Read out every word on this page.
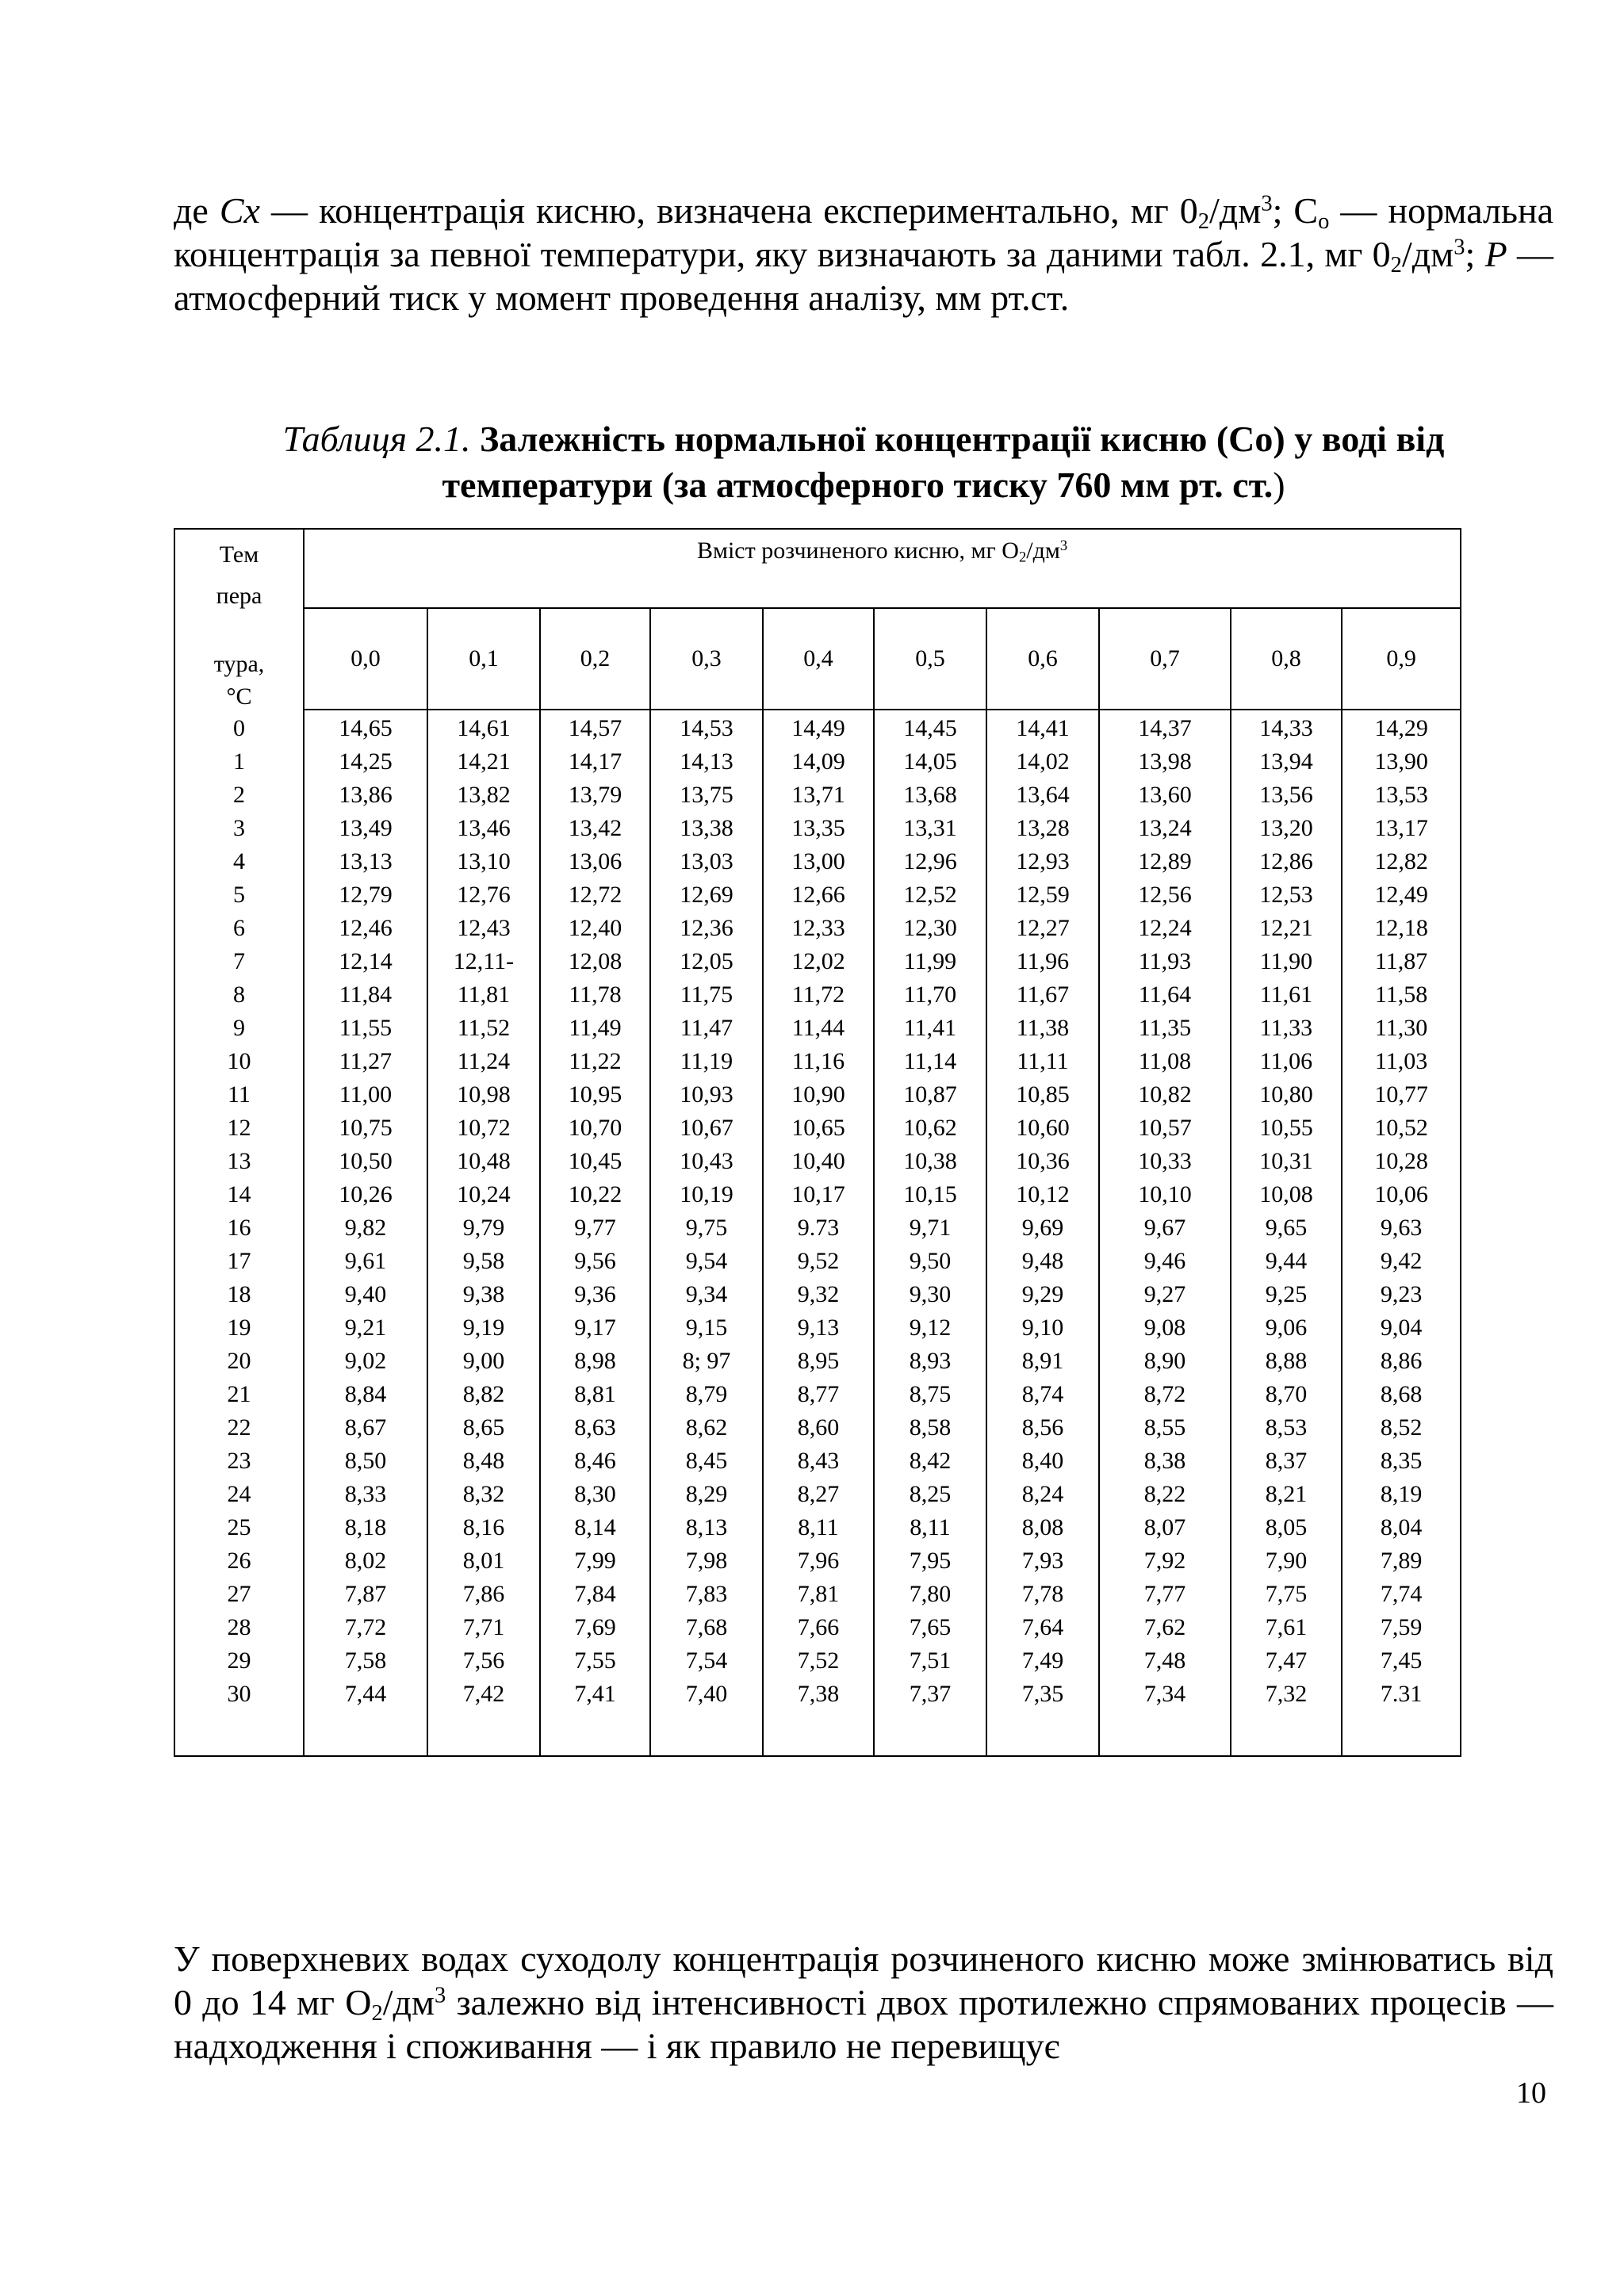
де Сх — концентрація кисню, визначена експериментально, мг $0_2/дм^3$; $С_о$ — нормальна концентрація за певної температури, яку визначають за даними табл. 2.1, мг $0_2/дм^3$; Р — атмосферний тиск у момент проведення аналізу, мм рт.ст.
Таблиця 2.1. Залежність нормальної концентрації кисню (Со) у воді від температури (за атмосферного тиску 760 мм рт. ст.)
Тем
пера
тура,
°С	Вміст розчиненого кисню, мг $О_2/дм^3$
	0,0	0,1	0,2	0,3	0,4	0,5	0,6	0,7	0,8	0,9
0	14,65	14,61	14,57	14,53	14,49	14,45	14,41	14,37	14,33	14,29
1	14,25	14,21	14,17	14,13	14,09	14,05	14,02	13,98	13,94	13,90
2	13,86	13,82	13,79	13,75	13,71	13,68	13,64	13,60	13,56	13,53
3	13,49	13,46	13,42	13,38	13,35	13,31	13,28	13,24	13,20	13,17
4	13,13	13,10	13,06	13,03	13,00	12,96	12,93	12,89	12,86	12,82
5	12,79	12,76	12,72	12,69	12,66	12,52	12,59	12,56	12,53	12,49
6	12,46	12,43	12,40	12,36	12,33	12,30	12,27	12,24	12,21	12,18
7	12,14	12,11-	12,08	12,05	12,02	11,99	11,96	11,93	11,90	11,87
8	11,84	11,81	11,78	11,75	11,72	11,70	11,67	11,64	11,61	11,58
9	11,55	11,52	11,49	11,47	11,44	11,41	11,38	11,35	11,33	11,30
10	11,27	11,24	11,22	11,19	11,16	11,14	11,11	11,08	11,06	11,03
11	11,00	10,98	10,95	10,93	10,90	10,87	10,85	10,82	10,80	10,77
12	10,75	10,72	10,70	10,67	10,65	10,62	10,60	10,57	10,55	10,52
13	10,50	10,48	10,45	10,43	10,40	10,38	10,36	10,33	10,31	10,28
14	10,26	10,24	10,22	10,19	10,17	10,15	10,12	10,10	10,08	10,06
16	9,82	9,79	9,77	9,75	9.73	9,71	9,69	9,67	9,65	9,63
17	9,61	9,58	9,56	9,54	9,52	9,50	9,48	9,46	9,44	9,42
18	9,40	9,38	9,36	9,34	9,32	9,30	9,29	9,27	9,25	9,23
19	9,21	9,19	9,17	9,15	9,13	9,12	9,10	9,08	9,06	9,04
20	9,02	9,00	8,98	8; 97	8,95	8,93	8,91	8,90	8,88	8,86
21	8,84	8,82	8,81	8,79	8,77	8,75	8,74	8,72	8,70	8,68
22	8,67	8,65	8,63	8,62	8,60	8,58	8,56	8,55	8,53	8,52
23	8,50	8,48	8,46	8,45	8,43	8,42	8,40	8,38	8,37	8,35
24	8,33	8,32	8,30	8,29	8,27	8,25	8,24	8,22	8,21	8,19
25	8,18	8,16	8,14	8,13	8,11	8,11	8,08	8,07	8,05	8,04
26	8,02	8,01	7,99	7,98	7,96	7,95	7,93	7,92	7,90	7,89
27	7,87	7,86	7,84	7,83	7,81	7,80	7,78	7,77	7,75	7,74
28	7,72	7,71	7,69	7,68	7,66	7,65	7,64	7,62	7,61	7,59
29	7,58	7,56	7,55	7,54	7,52	7,51	7,49	7,48	7,47	7,45
30	7,44	7,42	7,41	7,40	7,38	7,37	7,35	7,34	7,32	7.31

У поверхневих водах суходолу концентрація розчиненого кисню може змінюватись від 0 до 14 мг $О_2/дм^3$ залежно від інтенсивності двох протилежно спрямованих процесів — надходження і споживання — і як правило не перевищує
10
